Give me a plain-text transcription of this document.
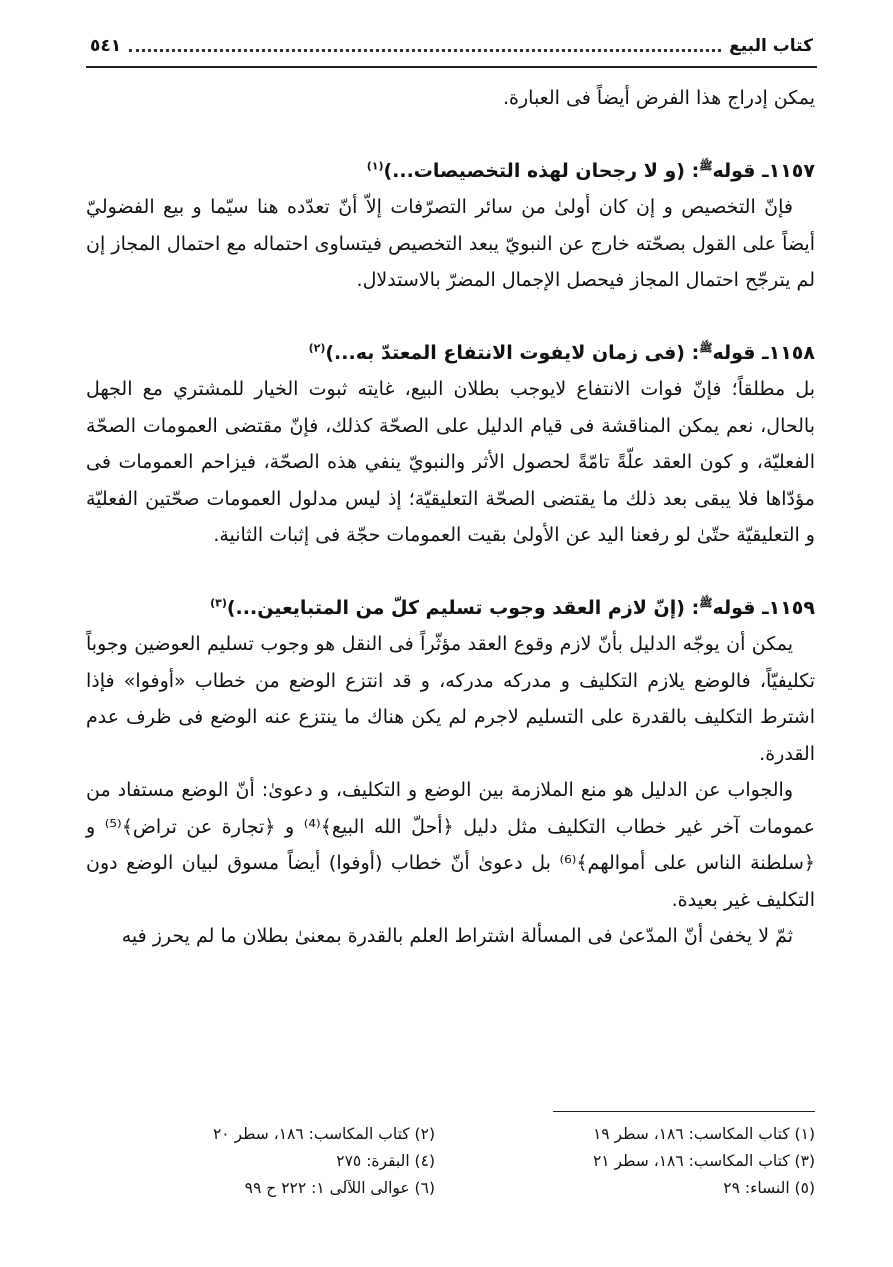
كتاب البيع
٥٤١

يمكن إدراج هذا الفرض أيضاً فى العبارة.

١١٥٧ـ قوله$^ﷺ$: (و لا رجحان لهذه التخصيصات...)$^{(١)}$

فإنّ التخصيص و إن كان أولىٰ من سائر التصرّفات إلاّ أنّ تعدّده هنا سيّما و بيع الفضوليّ أيضاً على القول بصحّته خارج عن النبويّ يبعد التخصيص فيتساوى احتماله مع احتمال المجاز إن لم يترجّح احتمال المجاز فيحصل الإجمال المضرّ بالاستدلال.

١١٥٨ـ قوله$^ﷺ$: (فى زمان لايفوت الانتفاع المعتدّ به...)$^{(٢)}$

بل مطلقاً؛ فإنّ فوات الانتفاع لايوجب بطلان البيع، غايته ثبوت الخيار للمشتري مع الجهل بالحال، نعم يمكن المناقشة فى قيام الدليل على الصحّة كذلك، فإنّ مقتضى العمومات الصحّة الفعليّة، و كون العقد علّةً تامّةً لحصول الأثر والنبويّ ينفي هذه الصحّة، فيزاحم العمومات فى مؤدّاها فلا يبقى بعد ذلك ما يقتضى الصحّة التعليقيّة؛ إذ ليس مدلول العمومات صحّتين الفعليّة و التعليقيّة حتّىٰ لو رفعنا اليد عن الأولىٰ بقيت العمومات حجّة فى إثبات الثانية.

١١٥٩ـ قوله$^ﷺ$: (إنّ لازم العقد وجوب تسليم كلّ من المتبايعين...)$^{(٣)}$

يمكن أن يوجّه الدليل بأنّ لازم وقوع العقد مؤثّراً فى النقل هو وجوب تسليم العوضين وجوباً تكليفيّاً، فالوضع يلازم التكليف و مدركه مدركه، و قد انتزع الوضع من خطاب «أوفوا» فإذا اشترط التكليف بالقدرة على التسليم لاجرم لم يكن هناك ما ينتزع عنه الوضع فى ظرف عدم القدرة.

والجواب عن الدليل هو منع الملازمة بين الوضع و التكليف، و دعوىٰ: أنّ الوضع مستفاد من عمومات آخر غير خطاب التكليف مثل دليل ﴿أحلّ الله البيع﴾⁽⁴⁾ و ﴿تجارة عن تراض﴾⁽⁵⁾ و ﴿سلطنة الناس على أموالهم﴾⁽⁶⁾ بل دعوىٰ أنّ خطاب (أوفوا) أيضاً مسوق لبيان الوضع دون التكليف غير بعيدة.

ثمّ لا يخفىٰ أنّ المدّعىٰ فى المسألة اشتراط العلم بالقدرة بمعنىٰ بطلان ما لم يحرز فيه

(١) كتاب المكاسب: ١٨٦، سطر ١٩
(٢) كتاب المكاسب: ١٨٦، سطر ٢٠
(٣) كتاب المكاسب: ١٨٦، سطر ٢١
(٤) البقرة: ٢٧٥
(٥) النساء: ٢٩
(٦) عوالى اللآلى ١: ٢٢٢ ح ٩٩
